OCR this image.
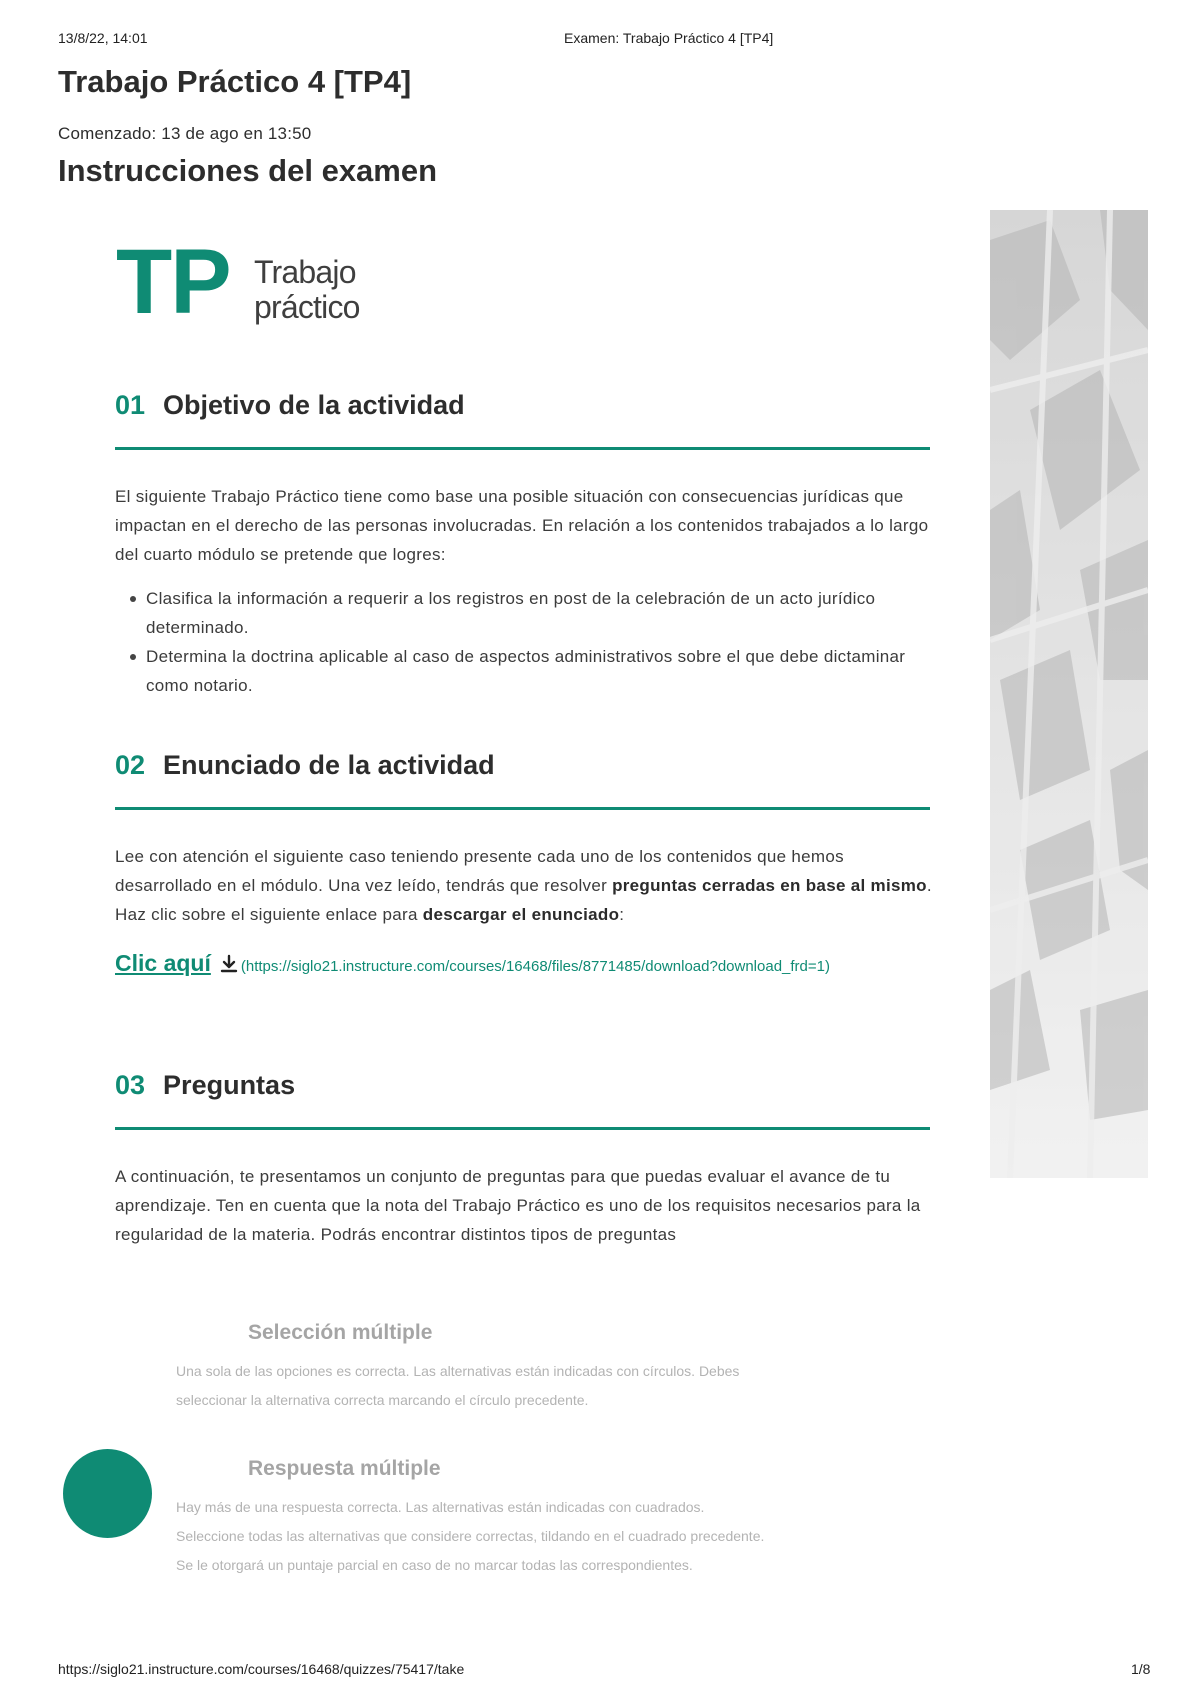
13/8/22, 14:01	Examen: Trabajo Práctico 4 [TP4]
Trabajo Práctico 4 [TP4]
Comenzado: 13 de ago en 13:50
Instrucciones del examen
TP Trabajo
práctico
01 Objetivo de la actividad

El siguiente Trabajo Práctico tiene como base una posible situación con consecuencias jurídicas que impactan en el derecho de las personas involucradas. En relación a los contenidos trabajados a lo largo del cuarto módulo se pretende que logres:

Clasifica la información a requerir a los registros en post de la celebración de un acto jurídico determinado.
Determina la doctrina aplicable al caso de aspectos administrativos sobre el que debe dictaminar como notario.
02 Enunciado de la actividad

Lee con atención el siguiente caso teniendo presente cada uno de los contenidos que hemos desarrollado en el módulo. Una vez leído, tendrás que resolver preguntas cerradas en base al mismo. Haz clic sobre el siguiente enlace para descargar el enunciado:

Clic aquí (https://siglo21.instructure.com/courses/16468/files/8771485/download?download_frd=1)
03 Preguntas

A continuación, te presentamos un conjunto de preguntas para que puedas evaluar el avance de tu aprendizaje. Ten en cuenta que la nota del Trabajo Práctico es uno de los requisitos necesarios para la regularidad de la materia. Podrás encontrar distintos tipos de preguntas

Selección múltiple
Una sola de las opciones es correcta. Las alternativas están indicadas con círculos. Debes
seleccionar la alternativa correcta marcando el círculo precedente.
Respuesta múltiple
Hay más de una respuesta correcta. Las alternativas están indicadas con cuadrados.
Seleccione todas las alternativas que considere correctas, tildando en el cuadrado precedente.
Se le otorgará un puntaje parcial en caso de no marcar todas las correspondientes.
https://siglo21.instructure.com/courses/16468/quizzes/75417/take	1/8
